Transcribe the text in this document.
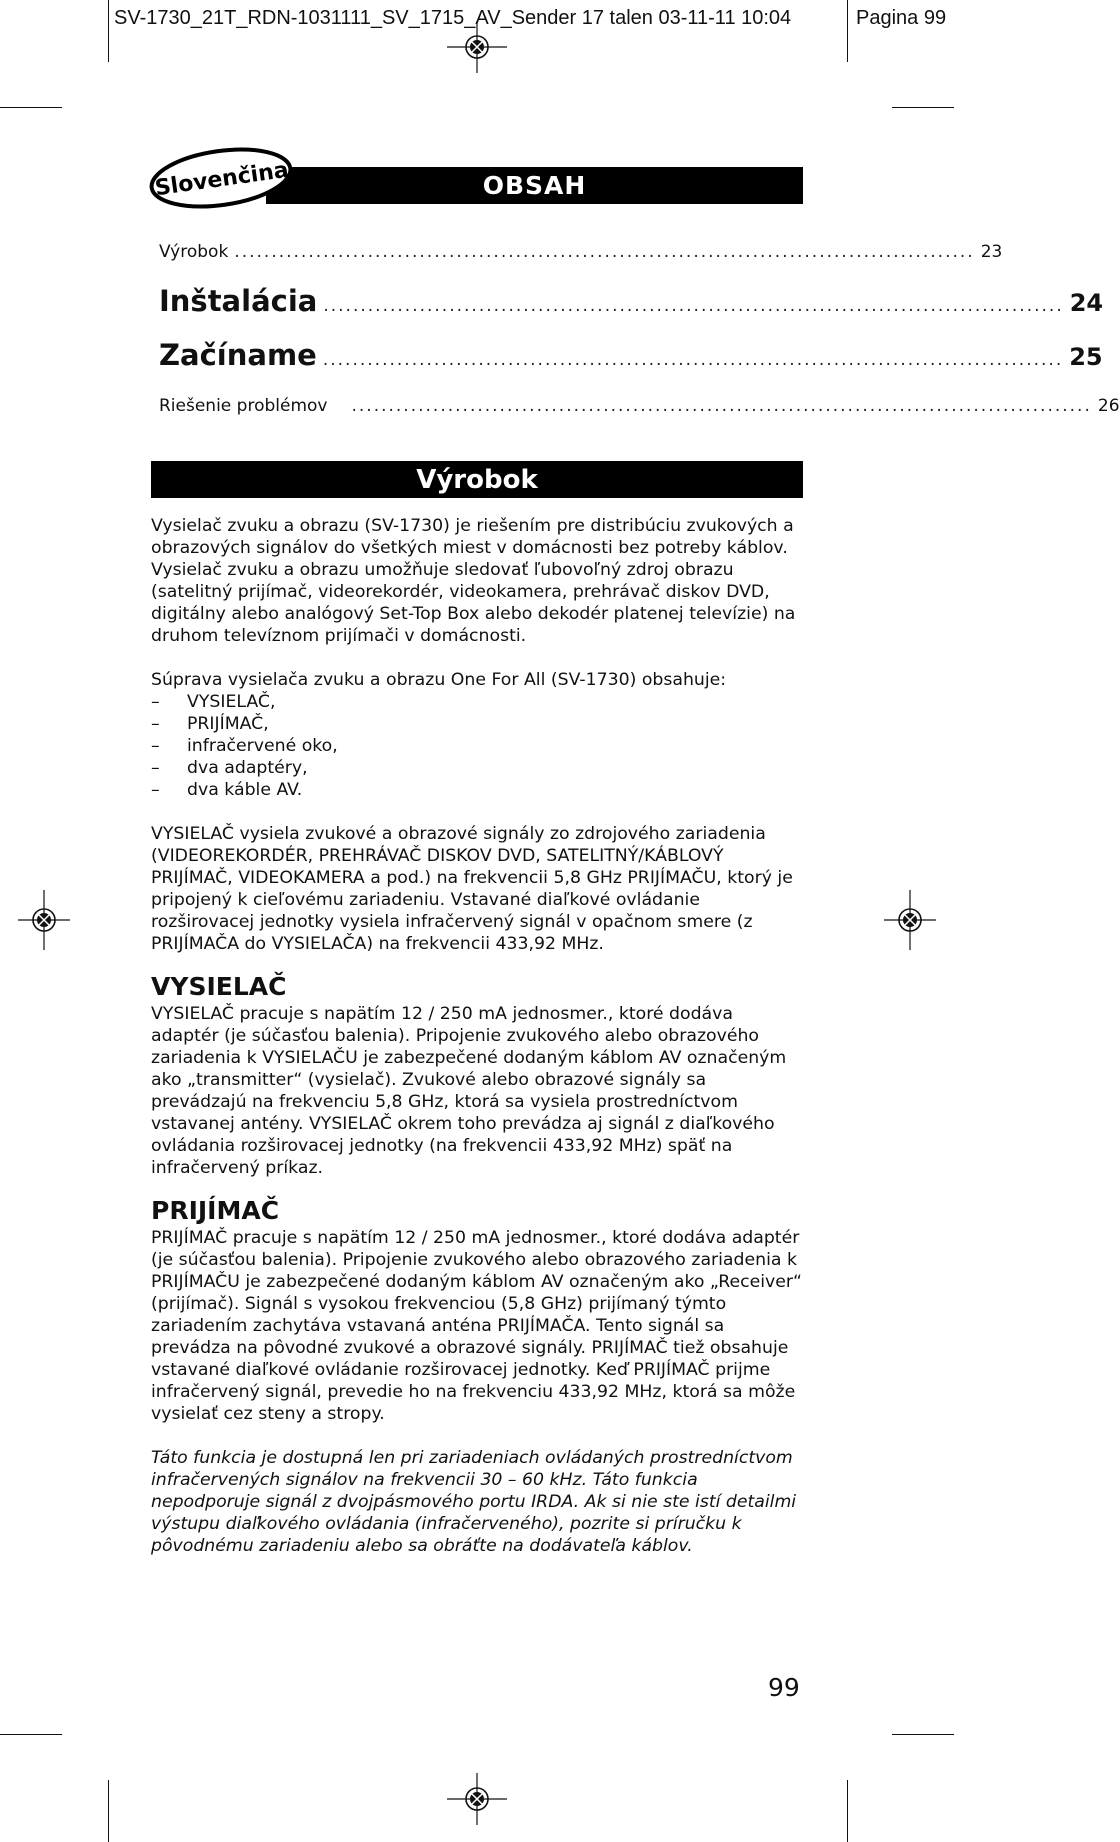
SV-1730_21T_RDN-1031111_SV_1715_AV_Sender 17 talen 03-11-11 10:04	Pagina 99
OBSAH
Slovenčina
Výrobok .................................................................................................... 23
Inštalácia .................................................................................................... 24
Začíname .................................................................................................... 25
Riešenie problémov .................................................................................................... 26
Výrobok

Vysielač zvuku a obrazu (SV-1730) je riešením pre distribúciu zvukových a obrazových signálov do všetkých miest v domácnosti bez potreby káblov. Vysielač zvuku a obrazu umožňuje sledovať ľubovoľný zdroj obrazu (satelitný prijímač, videorekordér, videokamera, prehrávač diskov DVD, digitálny alebo analógový Set-Top Box alebo dekodér platenej televízie) na druhom televíznom prijímači v domácnosti.

Súprava vysielača zvuku a obrazu One For All (SV-1730) obsahuje:

–	VYSIELAČ,
–	PRIJÍMAČ,
–	infračervené oko,
–	dva adaptéry,
–	dva káble AV.

VYSIELAČ vysiela zvukové a obrazové signály zo zdrojového zariadenia (VIDEOREKORDÉR, PREHRÁVAČ DISKOV DVD, SATELITNÝ/KÁBLOVÝ PRIJÍMAČ, VIDEOKAMERA a pod.) na frekvencii 5,8 GHz PRIJÍMAČU, ktorý je pripojený k cieľovému zariadeniu. Vstavané diaľkové ovládanie rozširovacej jednotky vysiela infračervený signál v opačnom smere (z PRIJÍMAČA do VYSIELAČA) na frekvencii 433,92 MHz.

VYSIELAČ

VYSIELAČ pracuje s napätím 12 / 250 mA jednosmer., ktoré dodáva adaptér (je súčasťou balenia). Pripojenie zvukového alebo obrazového zariadenia k VYSIELAČU je zabezpečené dodaným káblom AV označeným ako „transmitter“ (vysielač). Zvukové alebo obrazové signály sa prevádzajú na frekvenciu 5,8 GHz, ktorá sa vysiela prostredníctvom vstavanej antény. VYSIELAČ okrem toho prevádza aj signál z diaľkového ovládania rozširovacej jednotky (na frekvencii 433,92 MHz) späť na infračervený príkaz.

PRIJÍMAČ

PRIJÍMAČ pracuje s napätím 12 / 250 mA jednosmer., ktoré dodáva adaptér (je súčasťou balenia). Pripojenie zvukového alebo obrazového zariadenia k PRIJÍMAČU je zabezpečené dodaným káblom AV označeným ako „Receiver“ (prijímač). Signál s vysokou frekvenciou (5,8 GHz) prijímaný týmto zariadením zachytáva vstavaná anténa PRIJÍMAČA. Tento signál sa prevádza na pôvodné zvukové a obrazové signály. PRIJÍMAČ tiež obsahuje vstavané diaľkové ovládanie rozširovacej jednotky. Keď PRIJÍMAČ prijme infračervený signál, prevedie ho na frekvenciu 433,92 MHz, ktorá sa môže vysielať cez steny a stropy.

Táto funkcia je dostupná len pri zariadeniach ovládaných prostredníctvom infračervených signálov na frekvencii 30 – 60 kHz. Táto funkcia nepodporuje signál z dvojpásmového portu IRDA. Ak si nie ste istí detailmi výstupu diaľkového ovládania (infračerveného), pozrite si príručku k pôvodnému zariadeniu alebo sa obráťte na dodávateľa káblov.

99
